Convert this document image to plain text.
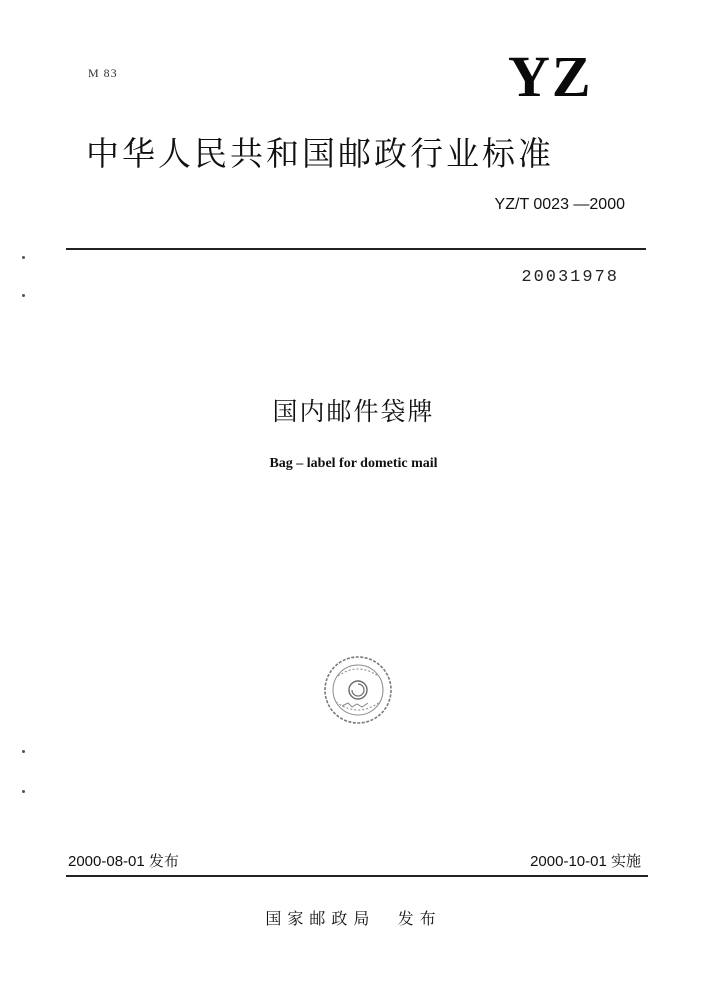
M 83	YZ
中华人民共和国邮政行业标准
YZ/T 0023 —2000
20031978
国内邮件袋牌
Bag – label for dometic mail
2000-08-01 发布	2000-10-01 实施
国家邮政局  发布
